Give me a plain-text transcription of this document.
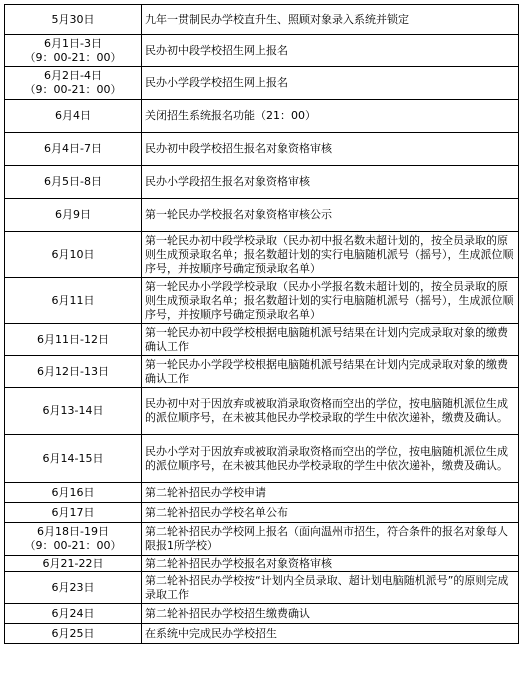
5月30日	九年一贯制民办学校直升生、照顾对象录入系统并锁定
6月1日-3日
（9：00-21：00）	民办初中段学校招生网上报名
6月2日-4日
（9：00-21：00）	民办小学段学校招生网上报名
6月4日	关闭招生系统报名功能（21：00）
6月4日-7日	民办初中段学校招生报名对象资格审核
6月5日-8日	民办小学段招生报名对象资格审核
6月9日	第一轮民办学校报名对象资格审核公示
6月10日	第一轮民办初中段学校录取（民办初中报名数未超计划的，按全员录取的原则生成预录取名单；报名数超计划的实行电脑随机派号（摇号），生成派位顺序号，并按顺序号确定预录取名单）
6月11日	第一轮民办小学段学校录取（民办小学报名数未超计划的，按全员录取的原则生成预录取名单；报名数超计划的实行电脑随机派号（摇号），生成派位顺序号，并按顺序号确定预录取名单）
6月11日-12日	第一轮民办初中段学校根据电脑随机派号结果在计划内完成录取对象的缴费确认工作
6月12日-13日	第一轮民办小学段学校根据电脑随机派号结果在计划内完成录取对象的缴费确认工作
6月13-14日	民办初中对于因放弃或被取消录取资格而空出的学位，按电脑随机派位生成的派位顺序号，在未被其他民办学校录取的学生中依次递补，缴费及确认。
6月14-15日	民办小学对于因放弃或被取消录取资格而空出的学位，按电脑随机派位生成的派位顺序号，在未被其他民办学校录取的学生中依次递补，缴费及确认。
6月16日	第二轮补招民办学校申请
6月17日	第二轮补招民办学校名单公布
6月18日-19日
（9：00-21：00）	第二轮补招民办学校网上报名（面向温州市招生，符合条件的报名对象每人限报1所学校）
6月21-22日	第二轮补招民办学校报名对象资格审核
6月23日	第二轮补招民办学校按“计划内全员录取、超计划电脑随机派号”的原则完成录取工作
6月24日	第二轮补招民办学校招生缴费确认
6月25日	在系统中完成民办学校招生
